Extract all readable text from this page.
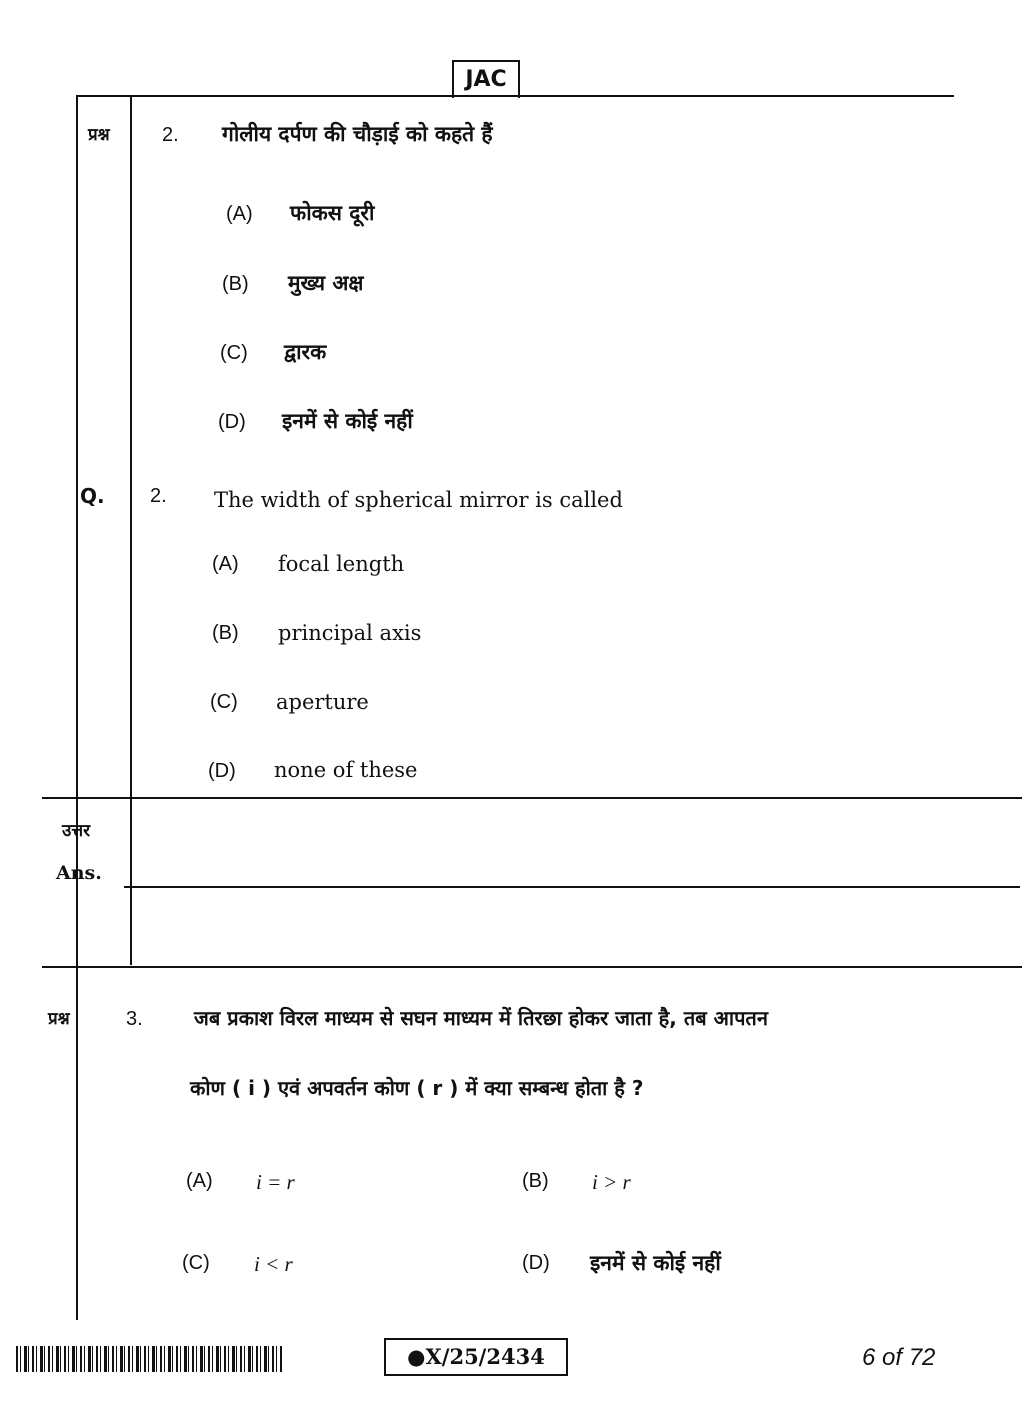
JAC
प्रश्न	2. गोलीय दर्पण की चौड़ाई को कहते हैं
(A) फोकस दूरी
(B) मुख्य अक्ष
(C) द्वारक
(D) इनमें से कोई नहीं
Q. 2. The width of spherical mirror is called
(A) focal length
(B) principal axis
(C) aperture
(D) none of these
उत्तर
Ans.
प्रश्न	3.	जब प्रकाश विरल माध्यम से सघन माध्यम में तिरछा होकर जाता है, तब आपतन
कोण ( i ) एवं अपवर्तन कोण ( r ) में क्या सम्बन्ध होता है ?
(A) i = r	(B) i > r
(C) i < r	(D) इनमें से कोई नहीं
●X/25/2434	6 of 72
